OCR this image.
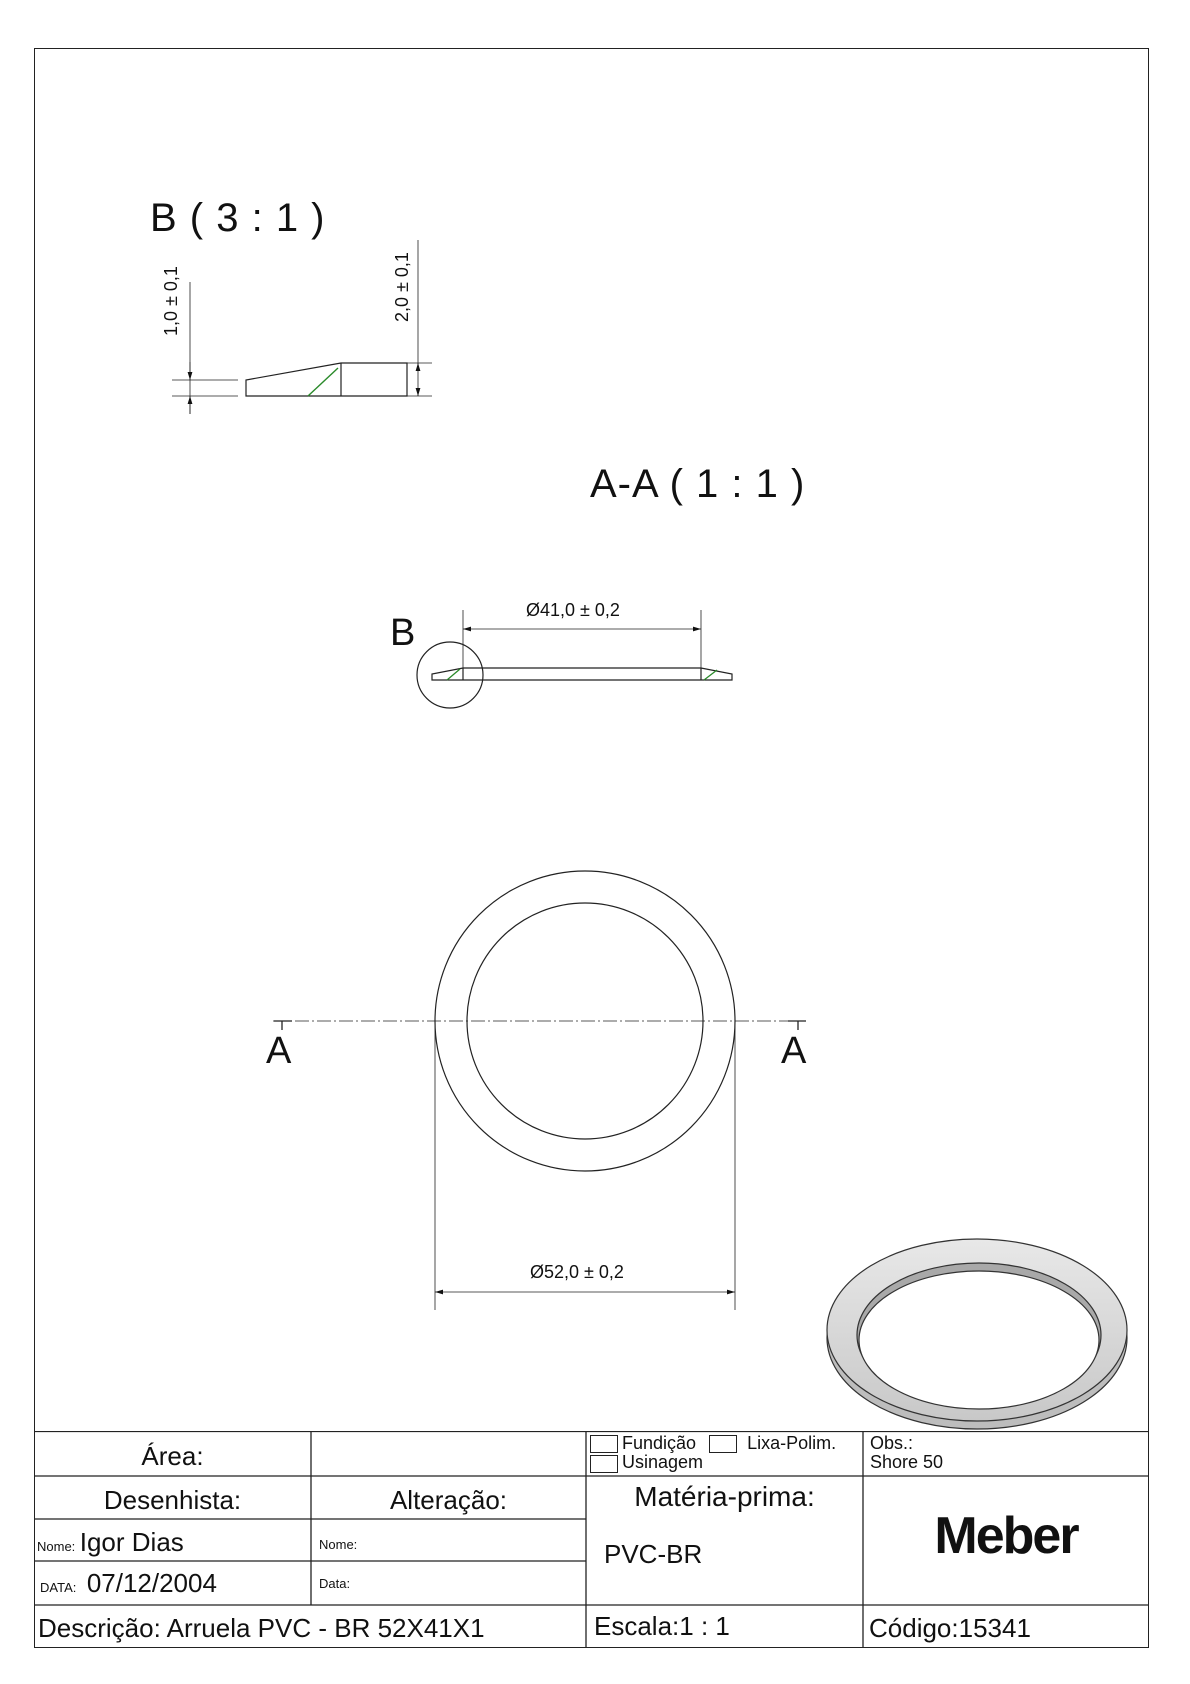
B ( 3 : 1 )
1,0 ± 0,1	2,0 ± 0,1
A-A ( 1 : 1 )
B
Ø41,0 ± 0,2
A	A
Ø52,0 ± 0,2
Área:	Fundição	Lixa-Polim.
Usinagem
Obs.:
Shore 50
Desenhista:	Alteração:	Matéria-prima:
PVC-BR	Meber
Nome: Igor Dias	Nome:
DATA: 07/12/2004	Data:
Descrição: Arruela PVC - BR 52X41X1	Escala:1 : 1	Código:15341
